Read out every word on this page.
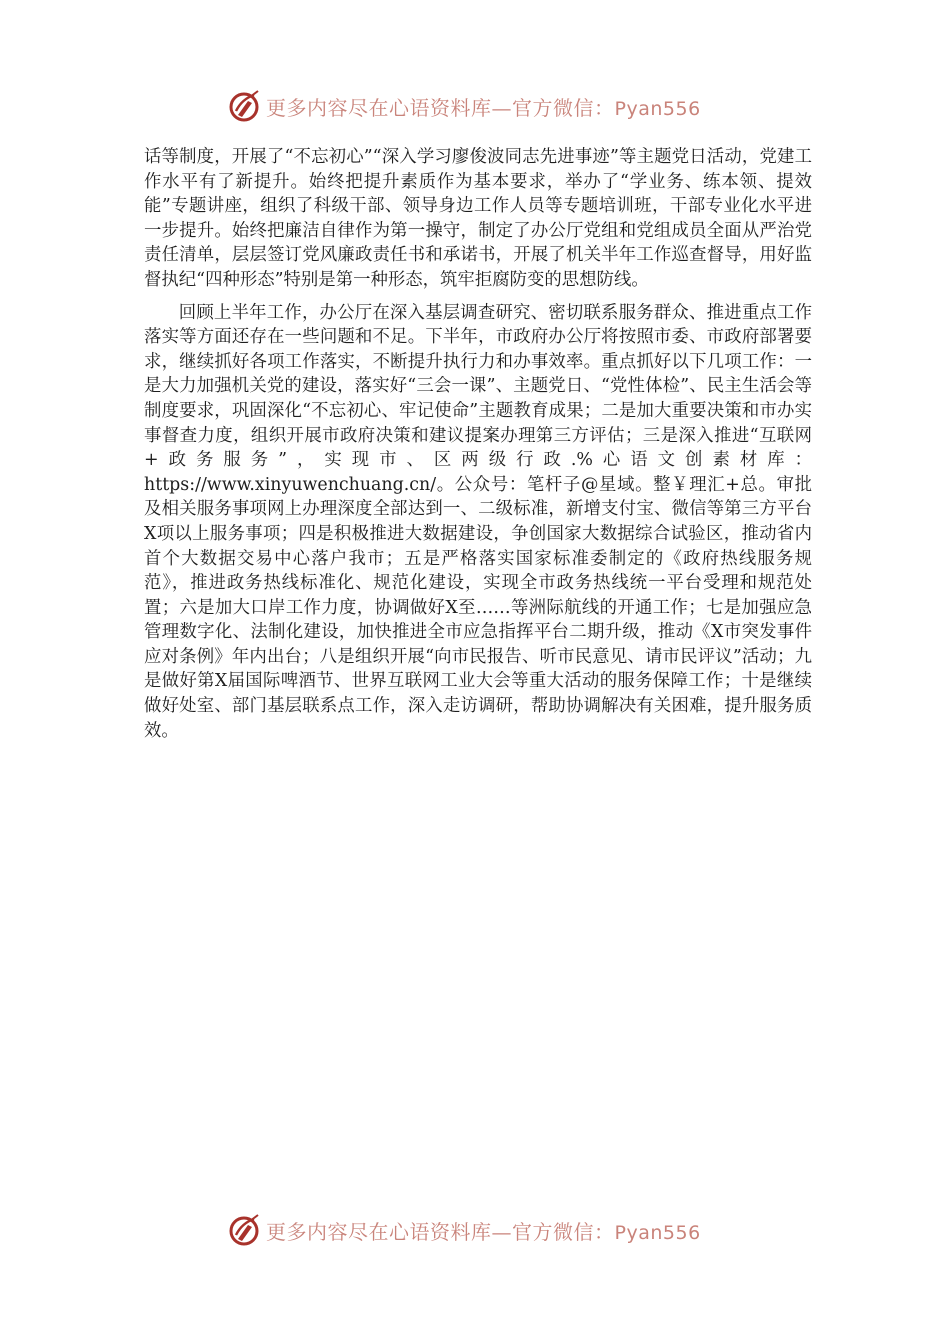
更多内容尽在心语资料库—官方微信：Pyan556

话等制度，开展了“不忘初心”“深入学习廖俊波同志先进事迹”等主题党日活动，党建工作水平有了新提升。始终把提升素质作为基本要求，举办了“学业务、练本领、提效能”专题讲座，组织了科级干部、领导身边工作人员等专题培训班，干部专业化水平进一步提升。始终把廉洁自律作为第一操守，制定了办公厅党组和党组成员全面从严治党责任清单，层层签订党风廉政责任书和承诺书，开展了机关半年工作巡查督导，用好监督执纪“四种形态”特别是第一种形态，筑牢拒腐防变的思想防线。

回顾上半年工作，办公厅在深入基层调查研究、密切联系服务群众、推进重点工作落实等方面还存在一些问题和不足。下半年，市政府办公厅将按照市委、市政府部署要求，继续抓好各项工作落实，不断提升执行力和办事效率。重点抓好以下几项工作：一是大力加强机关党的建设，落实好“三会一课”、主题党日、“党性体检”、民主生活会等制度要求，巩固深化“不忘初心、牢记使命”主题教育成果；二是加大重要决策和市办实事督查力度，组织开展市政府决策和建议提案办理第三方评估；三是深入推进“互联网+政务服务”，实现市、区两级行政.%心语文创素材库：https://www.xinyuwenchuang.cn/。公众号：笔杆子@星域。整￥理汇+总。审批及相关服务事项网上办理深度全部达到一、二级标准，新增支付宝、微信等第三方平台X项以上服务事项；四是积极推进大数据建设，争创国家大数据综合试验区，推动省内首个大数据交易中心落户我市；五是严格落实国家标准委制定的《政府热线服务规范》，推进政务热线标准化、规范化建设，实现全市政务热线统一平台受理和规范处置；六是加大口岸工作力度，协调做好X至……等洲际航线的开通工作；七是加强应急管理数字化、法制化建设，加快推进全市应急指挥平台二期升级，推动《X市突发事件应对条例》年内出台；八是组织开展“向市民报告、听市民意见、请市民评议”活动；九是做好第X届国际啤酒节、世界互联网工业大会等重大活动的服务保障工作；十是继续做好处室、部门基层联系点工作，深入走访调研，帮助协调解决有关困难，提升服务质效。

更多内容尽在心语资料库—官方微信：Pyan556
